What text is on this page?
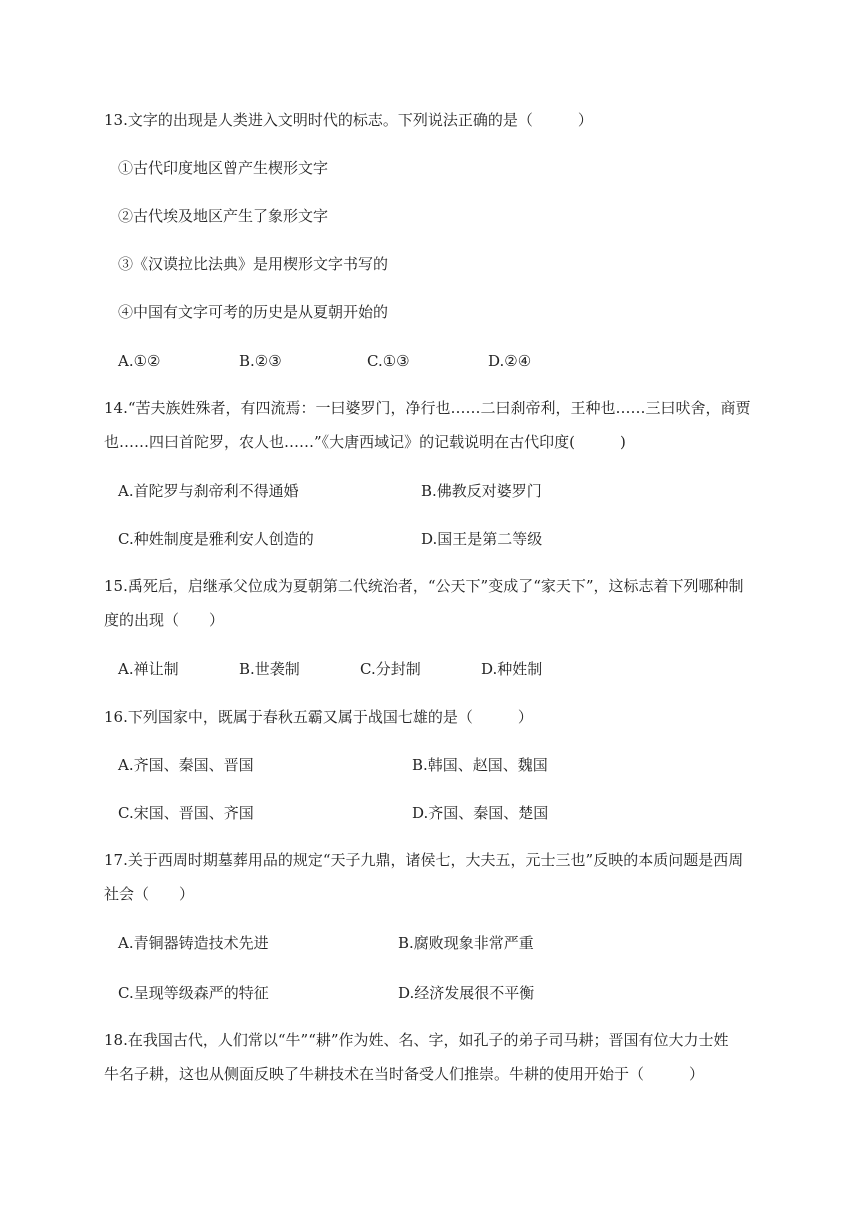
13.文字的出现是人类进入文明时代的标志。下列说法正确的是（　　　）
①古代印度地区曾产生楔形文字
②古代埃及地区产生了象形文字
③《汉谟拉比法典》是用楔形文字书写的
④中国有文字可考的历史是从夏朝开始的
A.①②	B.②③	C.①③	D.②④
14.“苦夫族姓殊者，有四流焉：一曰婆罗门，净行也……二曰刹帝利，王种也……三曰吠舍，商贾
也……四曰首陀罗，农人也……”《大唐西域记》的记载说明在古代印度(　　　)
A.首陀罗与刹帝利不得通婚	B.佛教反对婆罗门
C.种姓制度是雅利安人创造的	D.国王是第二等级
15.禹死后，启继承父位成为夏朝第二代统治者，“公天下”变成了“家天下”，这标志着下列哪种制
度的出现（　　）
A.禅让制	B.世袭制	C.分封制	D.种姓制
16.下列国家中，既属于春秋五霸又属于战国七雄的是（　　　）
A.齐国、秦国、晋国	B.韩国、赵国、魏国
C.宋国、晋国、齐国	D.齐国、秦国、楚国
17.关于西周时期墓葬用品的规定“天子九鼎，诸侯七，大夫五，元士三也”反映的本质问题是西周
社会（　　）
A.青铜器铸造技术先进	B.腐败现象非常严重
C.呈现等级森严的特征	D.经济发展很不平衡
18.在我国古代，人们常以“牛”“耕”作为姓、名、字，如孔子的弟子司马耕；晋国有位大力士姓
牛名子耕，这也从侧面反映了牛耕技术在当时备受人们推崇。牛耕的使用开始于（　　　）
